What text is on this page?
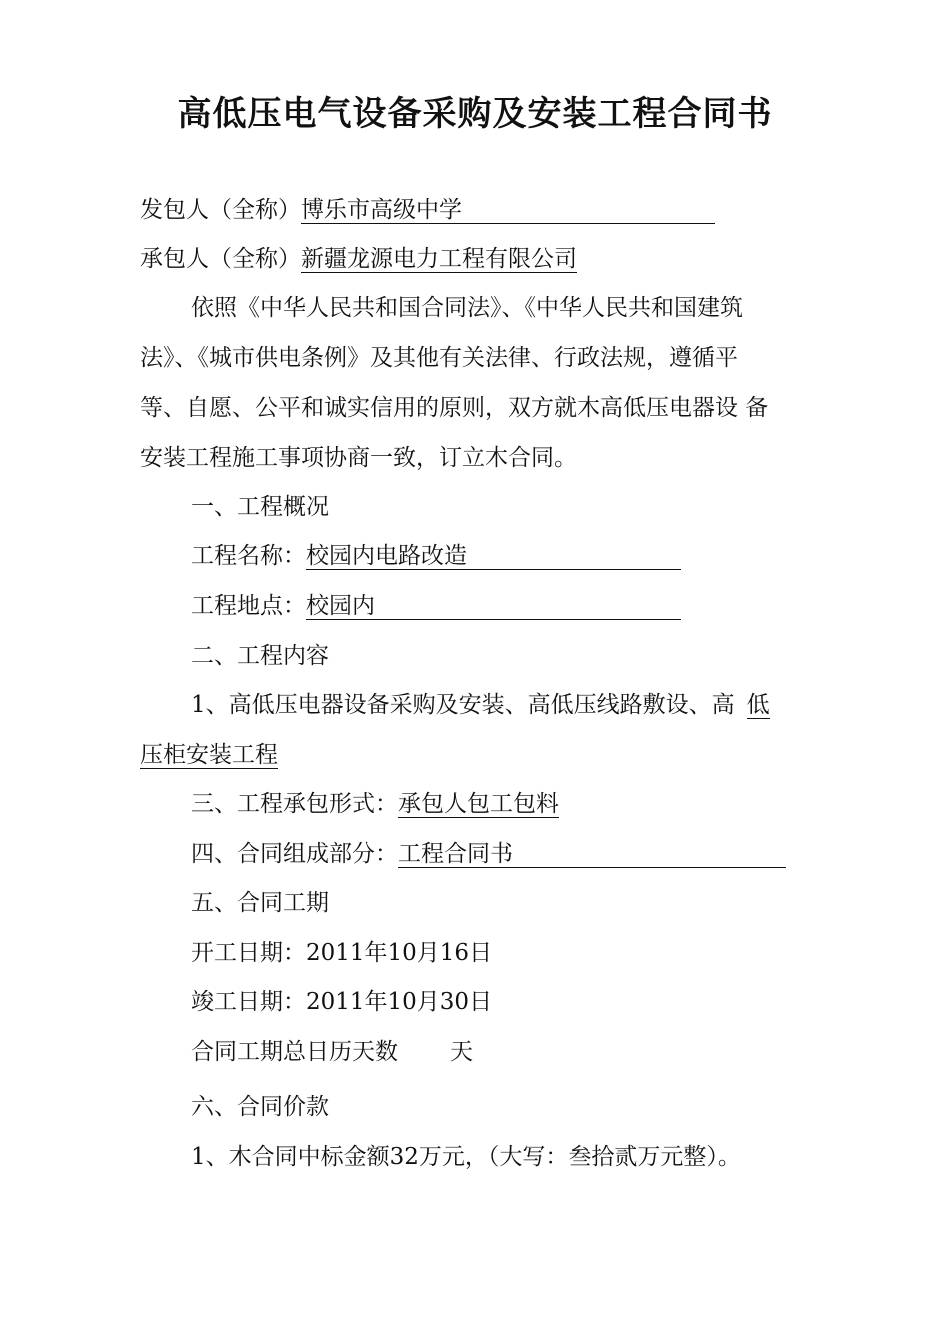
高低压电气设备采购及安装工程合同书
发包人（全称）博乐市高级中学
承包人（全称）新疆龙源电力工程有限公司
依照《中华人民共和国合同法》、《中华人民共和国建筑
法》、《城市供电条例》及其他有关法律、行政法规，遵循平
等、自愿、公平和诚实信用的原则，双方就木高低压电器设 备
安装工程施工事项协商一致，订立木合同。
一、工程概况
工程名称：校园内电路改造
工程地点：校园内
二、工程内容
1、高低压电器设备采购及安装、高低压线路敷设、高 低
压柜安装工程
三、工程承包形式：承包人包工包料
四、合同组成部分：工程合同书
五、合同工期
开工日期：2011年10月16日
竣工日期：2011年10月30日
合同工期总日历天数 天
六、合同价款
1、木合同中标金额32万元，（大写：叁拾贰万元整）。
